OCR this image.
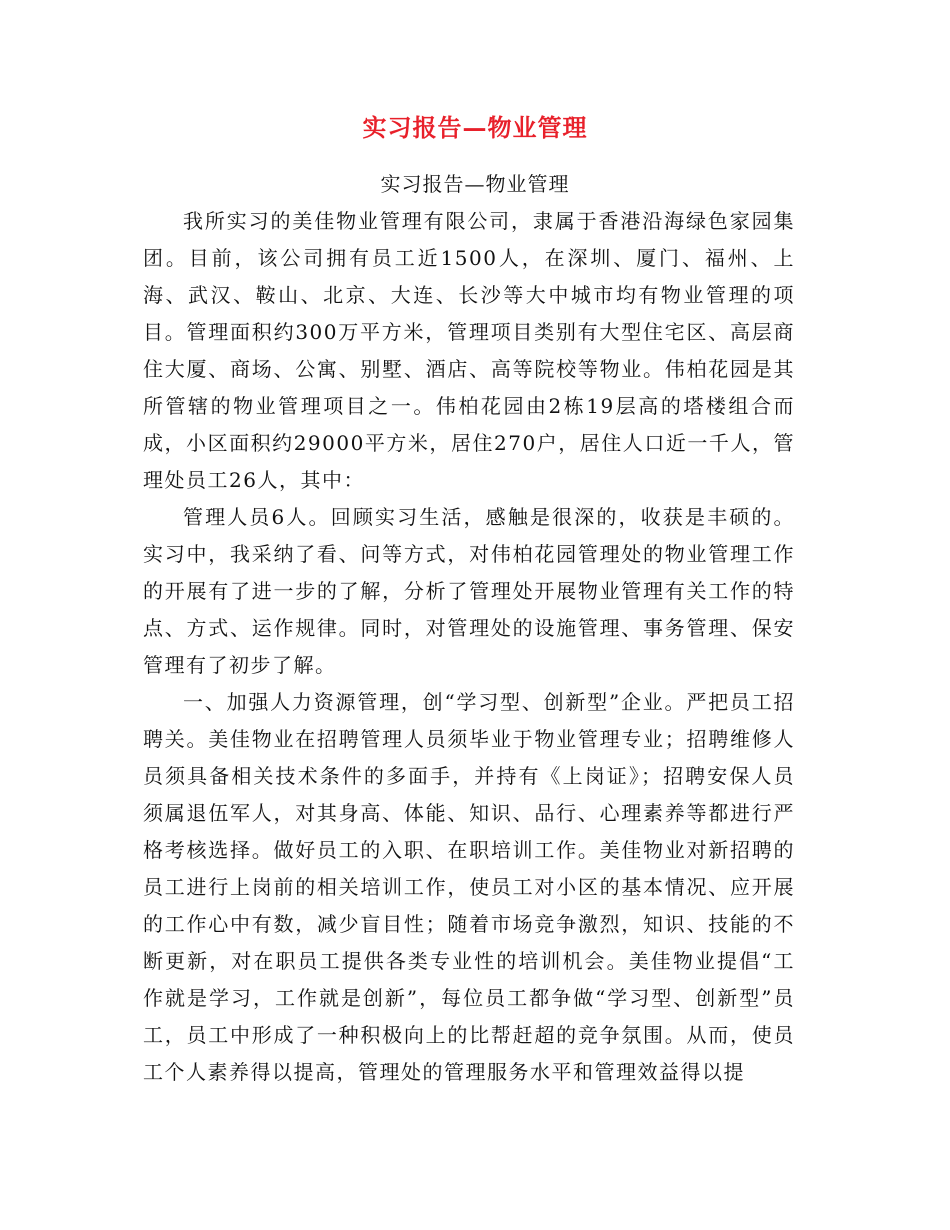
实习报告—物业管理
实习报告—物业管理

我所实习的美佳物业管理有限公司，隶属于香港沿海绿色家园集团。目前，该公司拥有员工近1500人，在深圳、厦门、福州、上海、武汉、鞍山、北京、大连、长沙等大中城市均有物业管理的项目。管理面积约300万平方米，管理项目类别有大型住宅区、高层商住大厦、商场、公寓、别墅、酒店、高等院校等物业。伟柏花园是其所管辖的物业管理项目之一。伟柏花园由2栋19层高的塔楼组合而成，小区面积约29000平方米，居住270户，居住人口近一千人，管理处员工26人，其中：

管理人员6人。回顾实习生活，感触是很深的，收获是丰硕的。实习中，我采纳了看、问等方式，对伟柏花园管理处的物业管理工作的开展有了进一步的了解，分析了管理处开展物业管理有关工作的特点、方式、运作规律。同时，对管理处的设施管理、事务管理、保安管理有了初步了解。

一、加强人力资源管理，创“学习型、创新型”企业。严把员工招聘关。美佳物业在招聘管理人员须毕业于物业管理专业；招聘维修人员须具备相关技术条件的多面手，并持有《上岗证》；招聘安保人员须属退伍军人，对其身高、体能、知识、品行、心理素养等都进行严格考核选择。做好员工的入职、在职培训工作。美佳物业对新招聘的员工进行上岗前的相关培训工作，使员工对小区的基本情况、应开展的工作心中有数，减少盲目性；随着市场竞争激烈，知识、技能的不断更新，对在职员工提供各类专业性的培训机会。美佳物业提倡“工作就是学习，工作就是创新”，每位员工都争做“学习型、创新型”员工，员工中形成了一种积极向上的比帮赶超的竞争氛围。从而，使员工个人素养得以提高，管理处的管理服务水平和管理效益得以提
